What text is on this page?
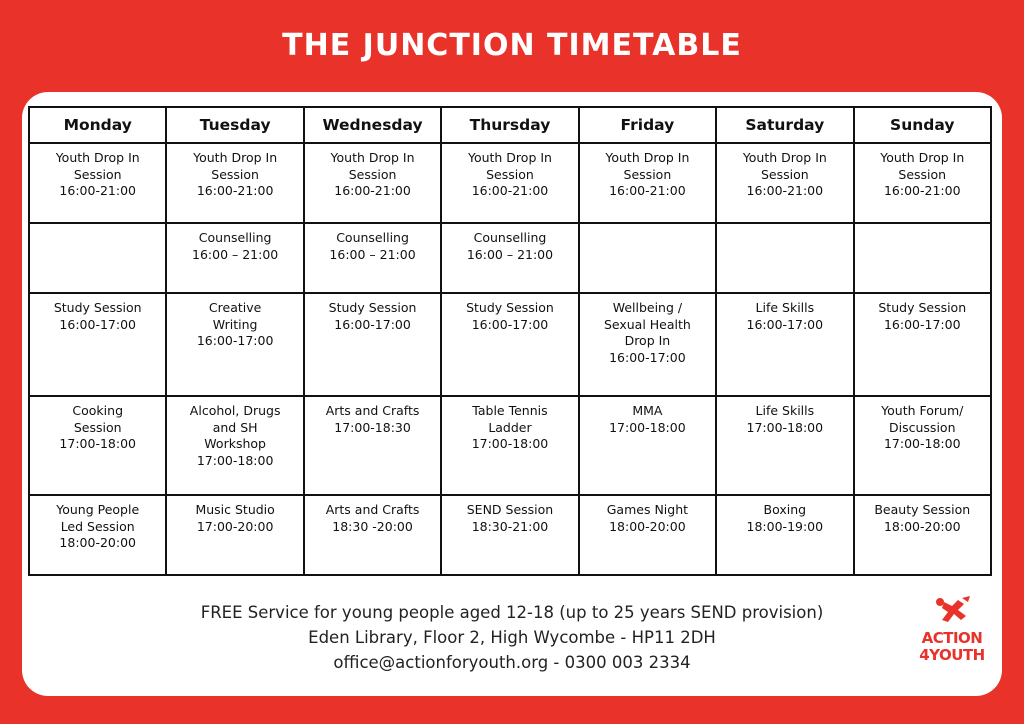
THE JUNCTION TIMETABLE
Monday	Tuesday	Wednesday	Thursday	Friday	Saturday	Sunday

Youth Drop In
Session
16:00-21:00	Youth Drop In
Session
16:00-21:00	Youth Drop In
Session
16:00-21:00	Youth Drop In
Session
16:00-21:00	Youth Drop In
Session
16:00-21:00	Youth Drop In
Session
16:00-21:00	Youth Drop In
Session
16:00-21:00

	Counselling
16:00 – 21:00	Counselling
16:00 – 21:00	Counselling
16:00 – 21:00			

Study Session
16:00-17:00	Creative
Writing
16:00-17:00	Study Session
16:00-17:00	Study Session
16:00-17:00	Wellbeing /
Sexual Health
Drop In
16:00-17:00	Life Skills
16:00-17:00	Study Session
16:00-17:00

Cooking
Session
17:00-18:00	Alcohol, Drugs
and SH
Workshop
17:00-18:00	Arts and Crafts
17:00-18:30	Table Tennis
Ladder
17:00-18:00	MMA
17:00-18:00	Life Skills
17:00-18:00	Youth Forum/
Discussion
17:00-18:00

Young People
Led Session
18:00-20:00	Music Studio
17:00-20:00	Arts and Crafts
18:30 -20:00	SEND Session
18:30-21:00	Games Night
18:00-20:00	Boxing
18:00-19:00	Beauty Session
18:00-20:00
FREE Service for young people aged 12-18 (up to 25 years SEND provision)
Eden Library, Floor 2, High Wycombe - HP11 2DH
office@actionforyouth.org - 0300 003 2334
ACTION
4YOUTH
